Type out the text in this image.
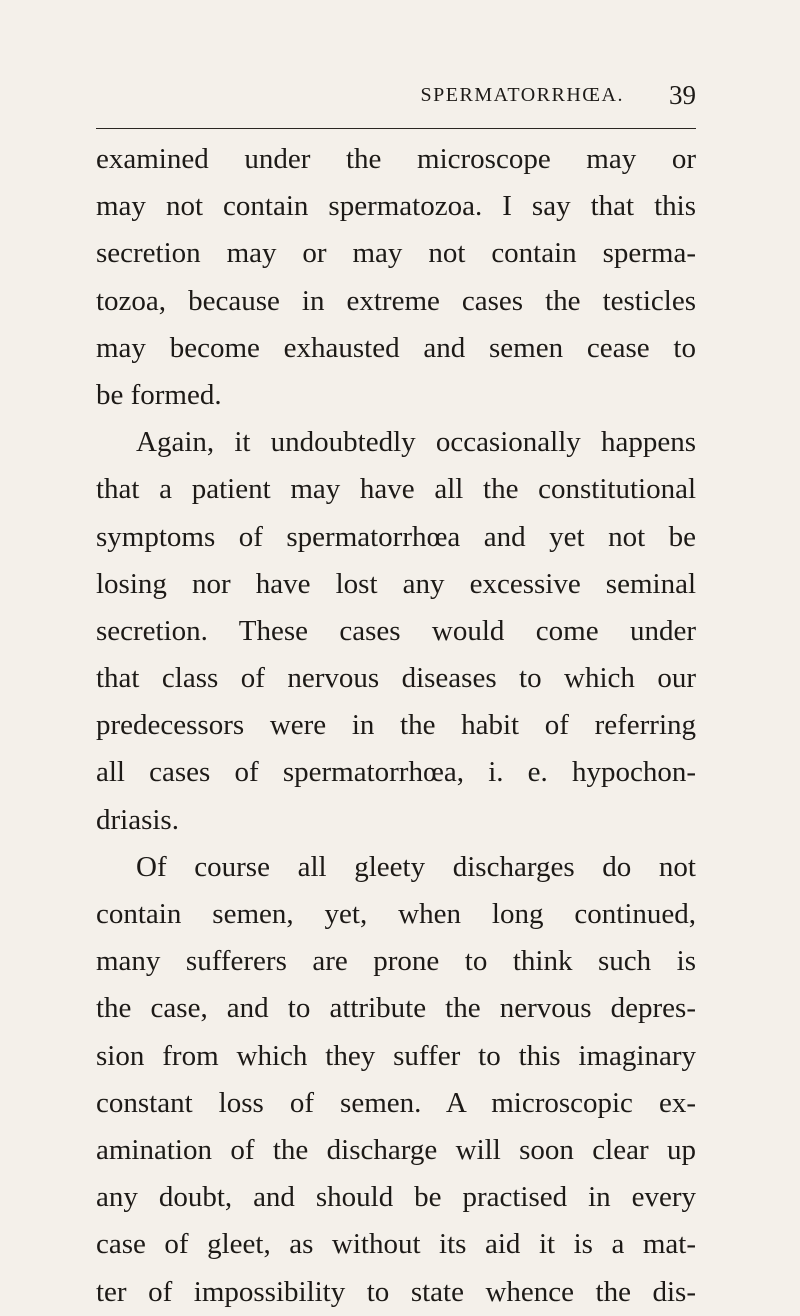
SPERMATORRHŒA. 39
examined under the microscope may or
may not contain spermatozoa. I say that this
secretion may or may not contain sperma-
tozoa, because in extreme cases the testicles
may become exhausted and semen cease to
be formed.
Again, it undoubtedly occasionally happens
that a patient may have all the constitutional
symptoms of spermatorrhœa and yet not be
losing nor have lost any excessive seminal
secretion. These cases would come under
that class of nervous diseases to which our
predecessors were in the habit of referring
all cases of spermatorrhœa, i. e. hypochon-
driasis.
Of course all gleety discharges do not
contain semen, yet, when long continued,
many sufferers are prone to think such is
the case, and to attribute the nervous depres-
sion from which they suffer to this imaginary
constant loss of semen. A microscopic ex-
amination of the discharge will soon clear up
any doubt, and should be practised in every
case of gleet, as without its aid it is a mat-
ter of impossibility to state whence the dis-
